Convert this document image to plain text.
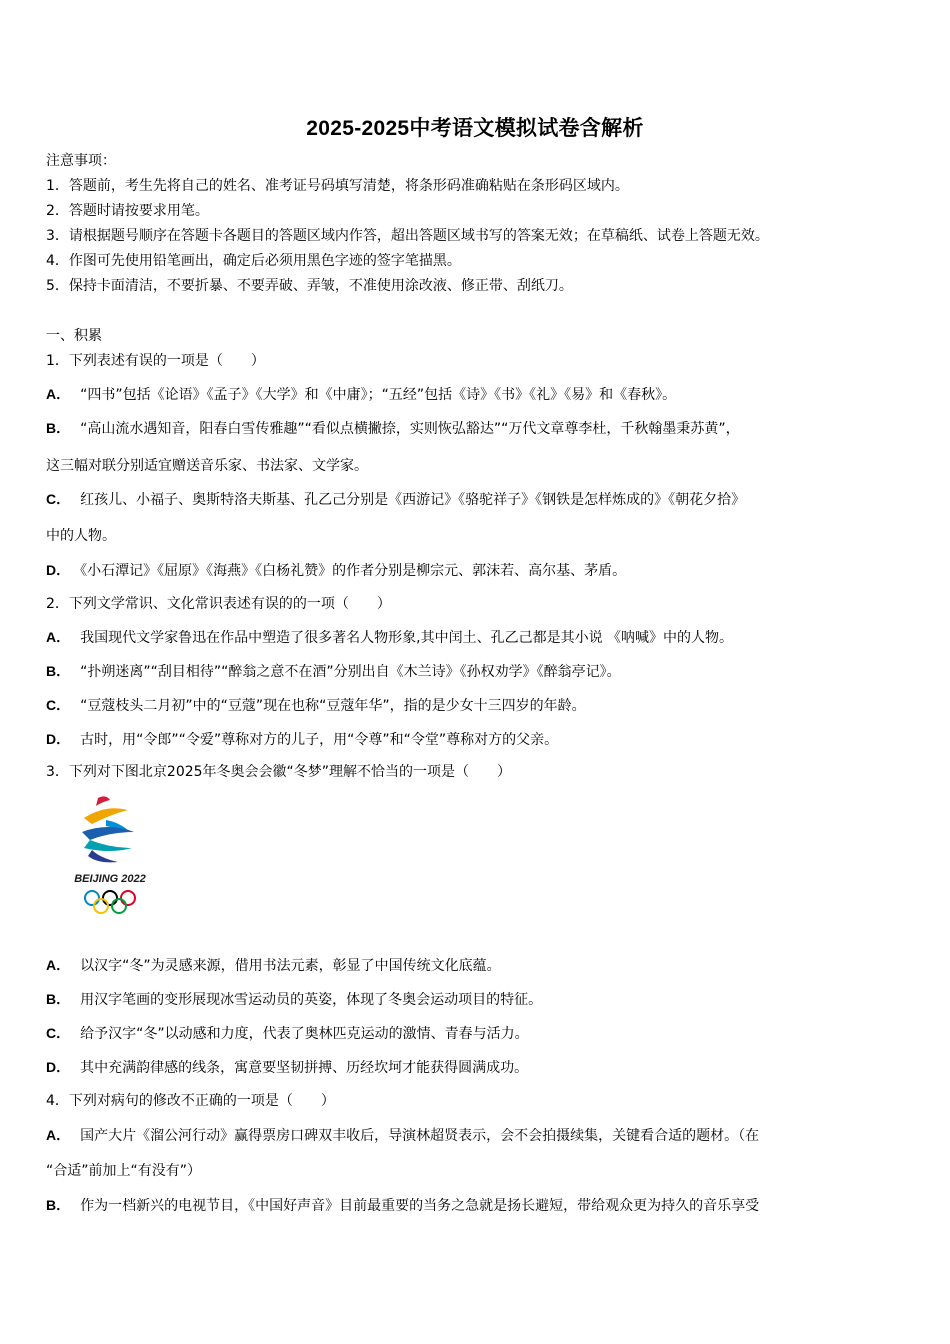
2025-2025中考语文模拟试卷含解析
注意事项：
1．答题前，考生先将自己的姓名、准考证号码填写清楚，将条形码准确粘贴在条形码区域内。
2．答题时请按要求用笔。
3．请根据题号顺序在答题卡各题目的答题区域内作答，超出答题区域书写的答案无效；在草稿纸、试卷上答题无效。
4．作图可先使用铅笔画出，确定后必须用黑色字迹的签字笔描黑。
5．保持卡面清洁，不要折暴、不要弄破、弄皱，不准使用涂改液、修正带、刮纸刀。
一、积累
1．下列表述有误的一项是（　　）
A． “四书”包括《论语》《孟子》《大学》和《中庸》；“五经”包括《诗》《书》《礼》《易》和《春秋》。
B． “高山流水遇知音，阳春白雪传雅趣”“看似点横撇捺，实则恢弘豁达”“万代文章尊李杜，千秋翰墨秉苏黄”，
这三幅对联分别适宜赠送音乐家、书法家、文学家。
C． 红孩儿、小福子、奥斯特洛夫斯基、孔乙己分别是《西游记》《骆驼祥子》《钢铁是怎样炼成的》《朝花夕拾》
中的人物。
D． 《小石潭记》《屈原》《海燕》《白杨礼赞》的作者分别是柳宗元、郭沫若、高尔基、茅盾。
2．下列文学常识、文化常识表述有误的的一项（　　）
A． 我国现代文学家鲁迅在作品中塑造了很多著名人物形象,其中闰土、孔乙己都是其小说 《呐喊》中的人物。
B． “扑朔迷离”“刮目相待”“醉翁之意不在酒”分别出自《木兰诗》《孙权劝学》《醉翁亭记》。
C． “豆蔻枝头二月初”中的“豆蔻”现在也称“豆蔻年华”，指的是少女十三四岁的年龄。
D． 古时，用“令郎”“令爱”尊称对方的儿子，用“令尊”和“令堂”尊称对方的父亲。
3．下列对下图北京2025年冬奥会会徽“冬梦”理解不恰当的一项是（　　）
BEIJING 2022
A． 以汉字“冬”为灵感来源，借用书法元素，彰显了中国传统文化底蕴。
B． 用汉字笔画的变形展现冰雪运动员的英姿，体现了冬奥会运动项目的特征。
C． 给予汉字“冬”以动感和力度，代表了奥林匹克运动的激情、青春与活力。
D． 其中充满韵律感的线条，寓意要坚韧拼搏、历经坎坷才能获得圆满成功。
4．下列对病句的修改不正确的一项是（　　）
A． 国产大片《溜公河行动》赢得票房口碑双丰收后，导演林超贤表示，会不会拍摄续集，关键看合适的题材。（在
“合适”前加上“有没有”）
B． 作为一档新兴的电视节目，《中国好声音》目前最重要的当务之急就是扬长避短，带给观众更为持久的音乐享受
